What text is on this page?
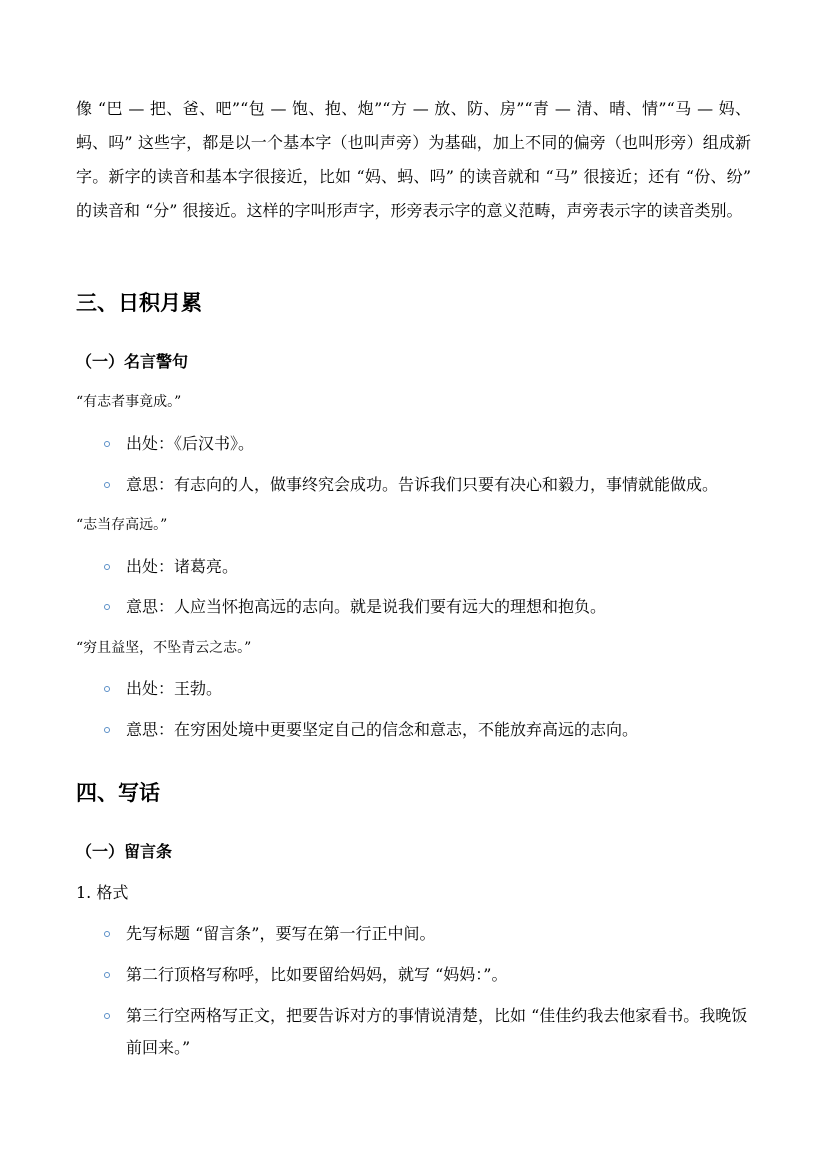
像 “巴 — 把、爸、吧”“包 — 饱、抱、炮”“方 — 放、防、房”“青 — 清、晴、情”“马 — 妈、蚂、吗” 这些字，都是以一个基本字（也叫声旁）为基础，加上不同的偏旁（也叫形旁）组成新字。新字的读音和基本字很接近，比如 “妈、蚂、吗” 的读音就和 “马” 很接近；还有 “份、纷” 的读音和 “分” 很接近。这样的字叫形声字，形旁表示字的意义范畴，声旁表示字的读音类别。

三、日积月累
（一）名言警句

“有志者事竟成。”

出处：《后汉书》。
意思：有志向的人，做事终究会成功。告诉我们只要有决心和毅力，事情就能做成。

“志当存高远。”

出处：诸葛亮。
意思：人应当怀抱高远的志向。就是说我们要有远大的理想和抱负。

“穷且益坚，不坠青云之志。”

出处：王勃。
意思：在穷困处境中更要坚定自己的信念和意志，不能放弃高远的志向。
四、写话
（一）留言条

1. 格式

先写标题 “留言条”，要写在第一行正中间。
第二行顶格写称呼，比如要留给妈妈，就写 “妈妈：”。
第三行空两格写正文，把要告诉对方的事情说清楚，比如 “佳佳约我去他家看书。我晚饭前回来。”
